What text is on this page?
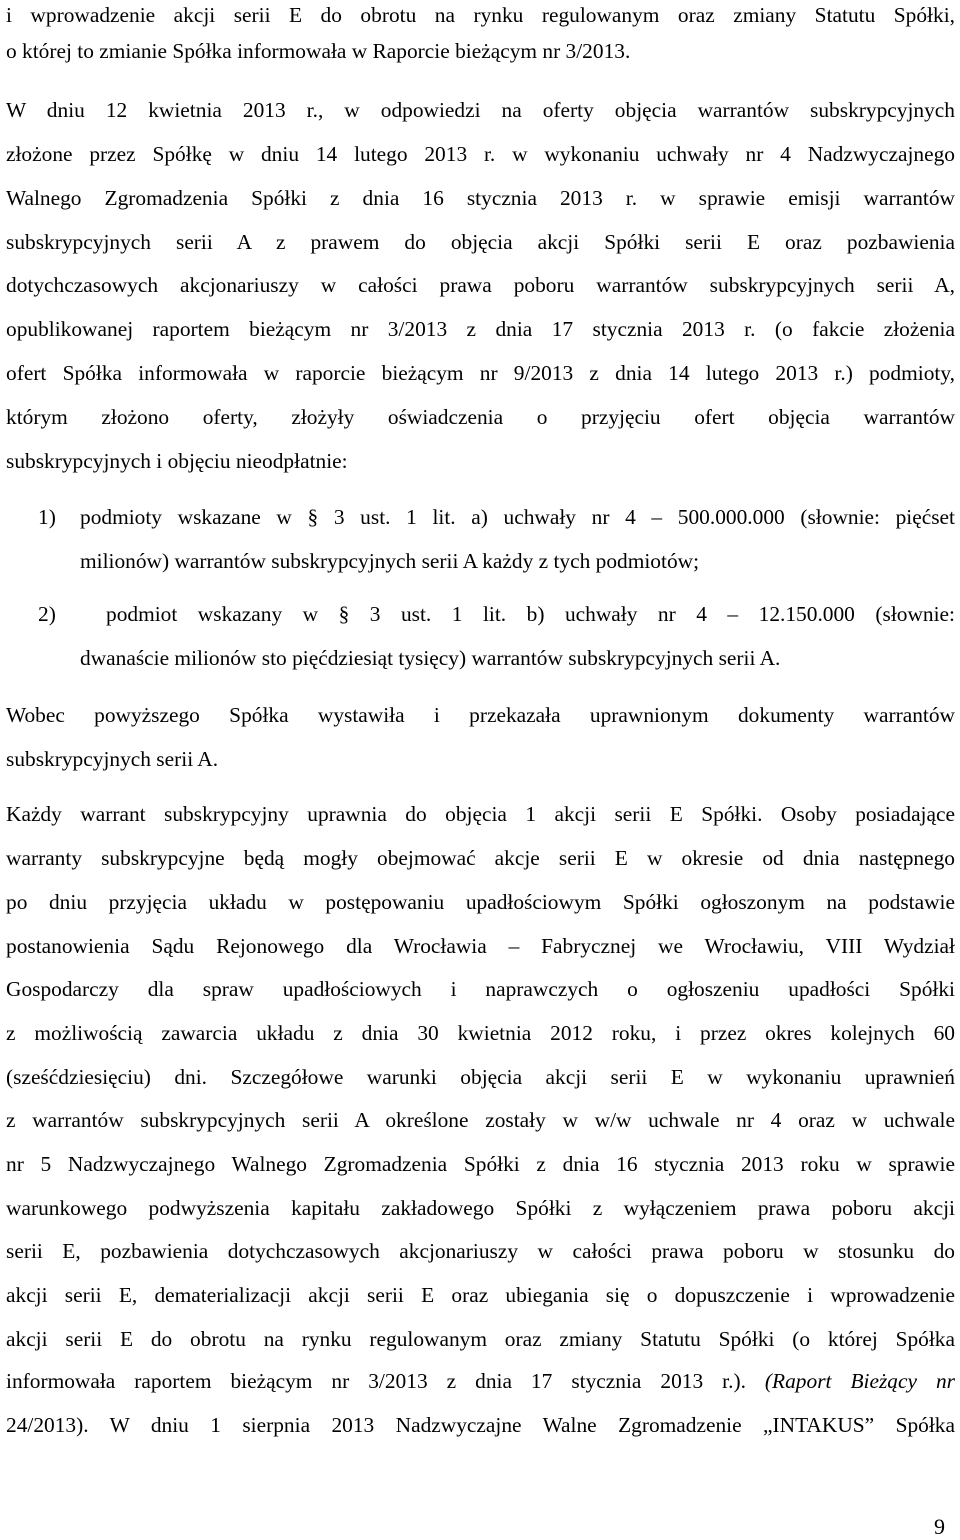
i wprowadzenie akcji serii E do obrotu na rynku regulowanym oraz zmiany Statutu Spółki,
o której to zmianie Spółka informowała w Raporcie bieżącym nr 3/2013.
W dniu 12 kwietnia 2013 r., w odpowiedzi na oferty objęcia warrantów subskrypcyjnych
złożone przez Spółkę w dniu 14 lutego 2013 r. w wykonaniu uchwały nr 4 Nadzwyczajnego
Walnego Zgromadzenia Spółki z dnia 16 stycznia 2013 r. w sprawie emisji warrantów
subskrypcyjnych serii A z prawem do objęcia akcji Spółki serii E oraz pozbawienia
dotychczasowych akcjonariuszy w całości prawa poboru warrantów subskrypcyjnych serii A,
opublikowanej raportem bieżącym nr 3/2013 z dnia 17 stycznia 2013 r. (o fakcie złożenia
ofert Spółka informowała w raporcie bieżącym nr 9/2013 z dnia 14 lutego 2013 r.) podmioty,
którym złożono oferty, złożyły oświadczenia o przyjęciu ofert objęcia warrantów
subskrypcyjnych i objęciu nieodpłatnie:
1) podmioty wskazane w § 3 ust. 1 lit. a) uchwały nr 4 – 500.000.000 (słownie: pięćset
milionów) warrantów subskrypcyjnych serii A każdy z tych podmiotów;
2) podmiot wskazany w § 3 ust. 1 lit. b) uchwały nr 4 – 12.150.000 (słownie:
dwanaście milionów sto pięćdziesiąt tysięcy) warrantów subskrypcyjnych serii A.
Wobec powyższego Spółka wystawiła i przekazała uprawnionym dokumenty warrantów
subskrypcyjnych serii A.
Każdy warrant subskrypcyjny uprawnia do objęcia 1 akcji serii E Spółki. Osoby posiadające
warranty subskrypcyjne będą mogły obejmować akcje serii E w okresie od dnia następnego
po dniu przyjęcia układu w postępowaniu upadłościowym Spółki ogłoszonym na podstawie
postanowienia Sądu Rejonowego dla Wrocławia – Fabrycznej we Wrocławiu, VIII Wydział
Gospodarczy dla spraw upadłościowych i naprawczych o ogłoszeniu upadłości Spółki
z możliwością zawarcia układu z dnia 30 kwietnia 2012 roku, i przez okres kolejnych 60
(sześćdziesięciu) dni. Szczegółowe warunki objęcia akcji serii E w wykonaniu uprawnień
z warrantów subskrypcyjnych serii A określone zostały w w/w uchwale nr 4 oraz w uchwale
nr 5 Nadzwyczajnego Walnego Zgromadzenia Spółki z dnia 16 stycznia 2013 roku w sprawie
warunkowego podwyższenia kapitału zakładowego Spółki z wyłączeniem prawa poboru akcji
serii E, pozbawienia dotychczasowych akcjonariuszy w całości prawa poboru w stosunku do
akcji serii E, dematerializacji akcji serii E oraz ubiegania się o dopuszczenie i wprowadzenie
akcji serii E do obrotu na rynku regulowanym oraz zmiany Statutu Spółki (o której Spółka
informowała raportem bieżącym nr 3/2013 z dnia 17 stycznia 2013 r.). (Raport Bieżący nr
24/2013). W dniu 1 sierpnia 2013 Nadzwyczajne Walne Zgromadzenie „INTAKUS” Spółka
9
